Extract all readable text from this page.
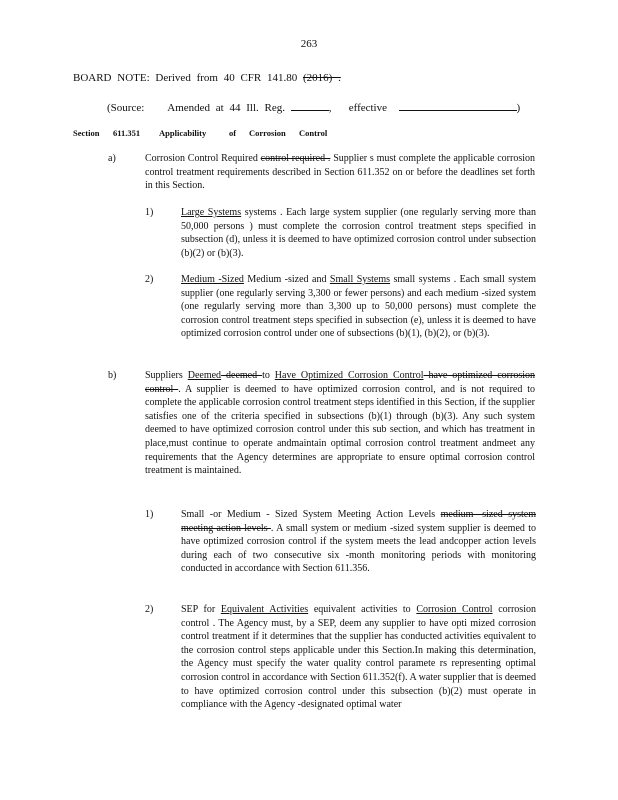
263
BOARD NOTE: Derived from 40 CFR 141.80 (2016) .
(Source: Amended at 44 Ill. Reg.	,   effective	)
Section 611.351 Applicability	of Corrosion Control
a)	Corrosion Control Required control required . Supplier s must complete the applicable corrosion control treatment requirements described in Section 611.352 on or before the deadlines set forth in this Section.
1)	Large Systems systems . Each large system supplier (one regularly serving more than 50,000 persons ) must complete the corrosion control treatment steps specified in subsection (d), unless it is deemed to have optimized corrosion control under subsection (b)(2) or (b)(3).
2)	Medium -Sized Medium -sized and Small Systems small systems . Each small system supplier (one regularly serving 3,300 or fewer persons) and each medium -sized system (one regularly serving more than 3,300 up to 50,000 persons) must complete the corrosion control treatment steps specified in subsection (e), unless it is deemed to have optimized corrosion control under one of subsections (b)(1), (b)(2), or (b)(3).
b)	Suppliers Deemed deemed to Have Optimized Corrosion Control have optimized corrosion control . A supplier is deemed to have optimized corrosion control, and is not required to complete the applicable corrosion control treatment steps identified in this Section, if the supplier satisfies one of the criteria specified in subsections (b)(1) through (b)(3). Any such system deemed to have optimized corrosion control under this sub section, and which has treatment in place,must continue to operate andmaintain optimal corrosion control treatment andmeet any requirements that the Agency determines are appropriate to ensure optimal corrosion control treatment is maintained.
1)	Small -or Medium - Sized System Meeting Action Levels medium -sized system meeting action levels . A small system or medium -sized system supplier is deemed to have optimized corrosion control if the system meets the lead andcopper action levels during each of two consecutive six -month monitoring periods with monitoring conducted in accordance with Section 611.356.
2)	SEP for Equivalent Activities equivalent activities to Corrosion Control corrosion control . The Agency must, by a SEP, deem any supplier to have opti mized corrosion control treatment if it determines that the supplier has conducted activities equivalent to the corrosion control steps applicable under this Section.In making this determination, the Agency must specify the water quality control paramete rs representing optimal corrosion control in accordance with Section 611.352(f). A water supplier that is deemed to have optimized corrosion control under this subsection (b)(2) must operate in compliance with the Agency -designated optimal water
